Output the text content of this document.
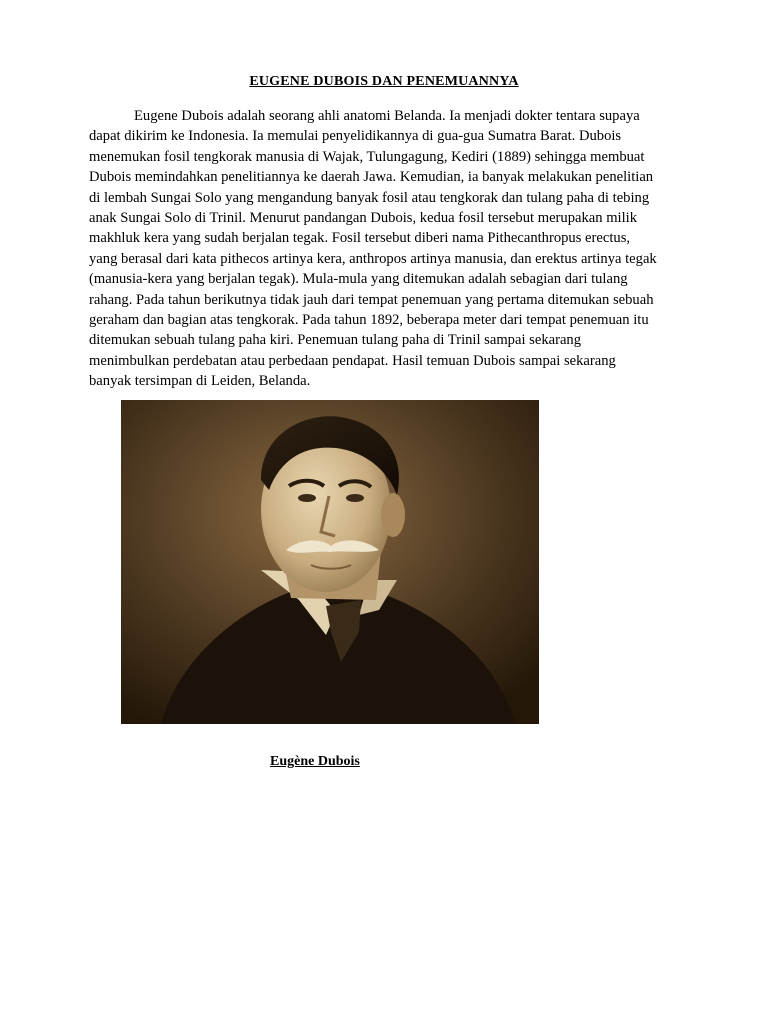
EUGENE DUBOIS DAN PENEMUANNYA
Eugene Dubois adalah seorang ahli anatomi Belanda. Ia menjadi dokter tentara supaya
dapat dikirim ke Indonesia. Ia memulai penyelidikannya di gua-gua Sumatra Barat. Dubois
menemukan fosil tengkorak manusia di Wajak, Tulungagung, Kediri (1889) sehingga membuat
Dubois memindahkan penelitiannya ke daerah Jawa. Kemudian, ia banyak melakukan penelitian
di lembah Sungai Solo yang mengandung banyak fosil atau tengkorak dan tulang paha di tebing
anak Sungai Solo di Trinil. Menurut pandangan Dubois, kedua fosil tersebut merupakan milik
makhluk kera yang sudah berjalan tegak. Fosil tersebut diberi nama Pithecanthropus erectus,
yang berasal dari kata pithecos artinya kera, anthropos artinya manusia, dan erektus artinya tegak
(manusia-kera yang berjalan tegak). Mula-mula yang ditemukan adalah sebagian dari tulang
rahang. Pada tahun berikutnya tidak jauh dari tempat penemuan yang pertama ditemukan sebuah
geraham dan bagian atas tengkorak. Pada tahun 1892, beberapa meter dari tempat penemuan itu
ditemukan sebuah tulang paha kiri. Penemuan tulang paha di Trinil sampai sekarang
menimbulkan perdebatan atau perbedaan pendapat. Hasil temuan Dubois sampai sekarang
banyak tersimpan di Leiden, Belanda.
Eugène Dubois
